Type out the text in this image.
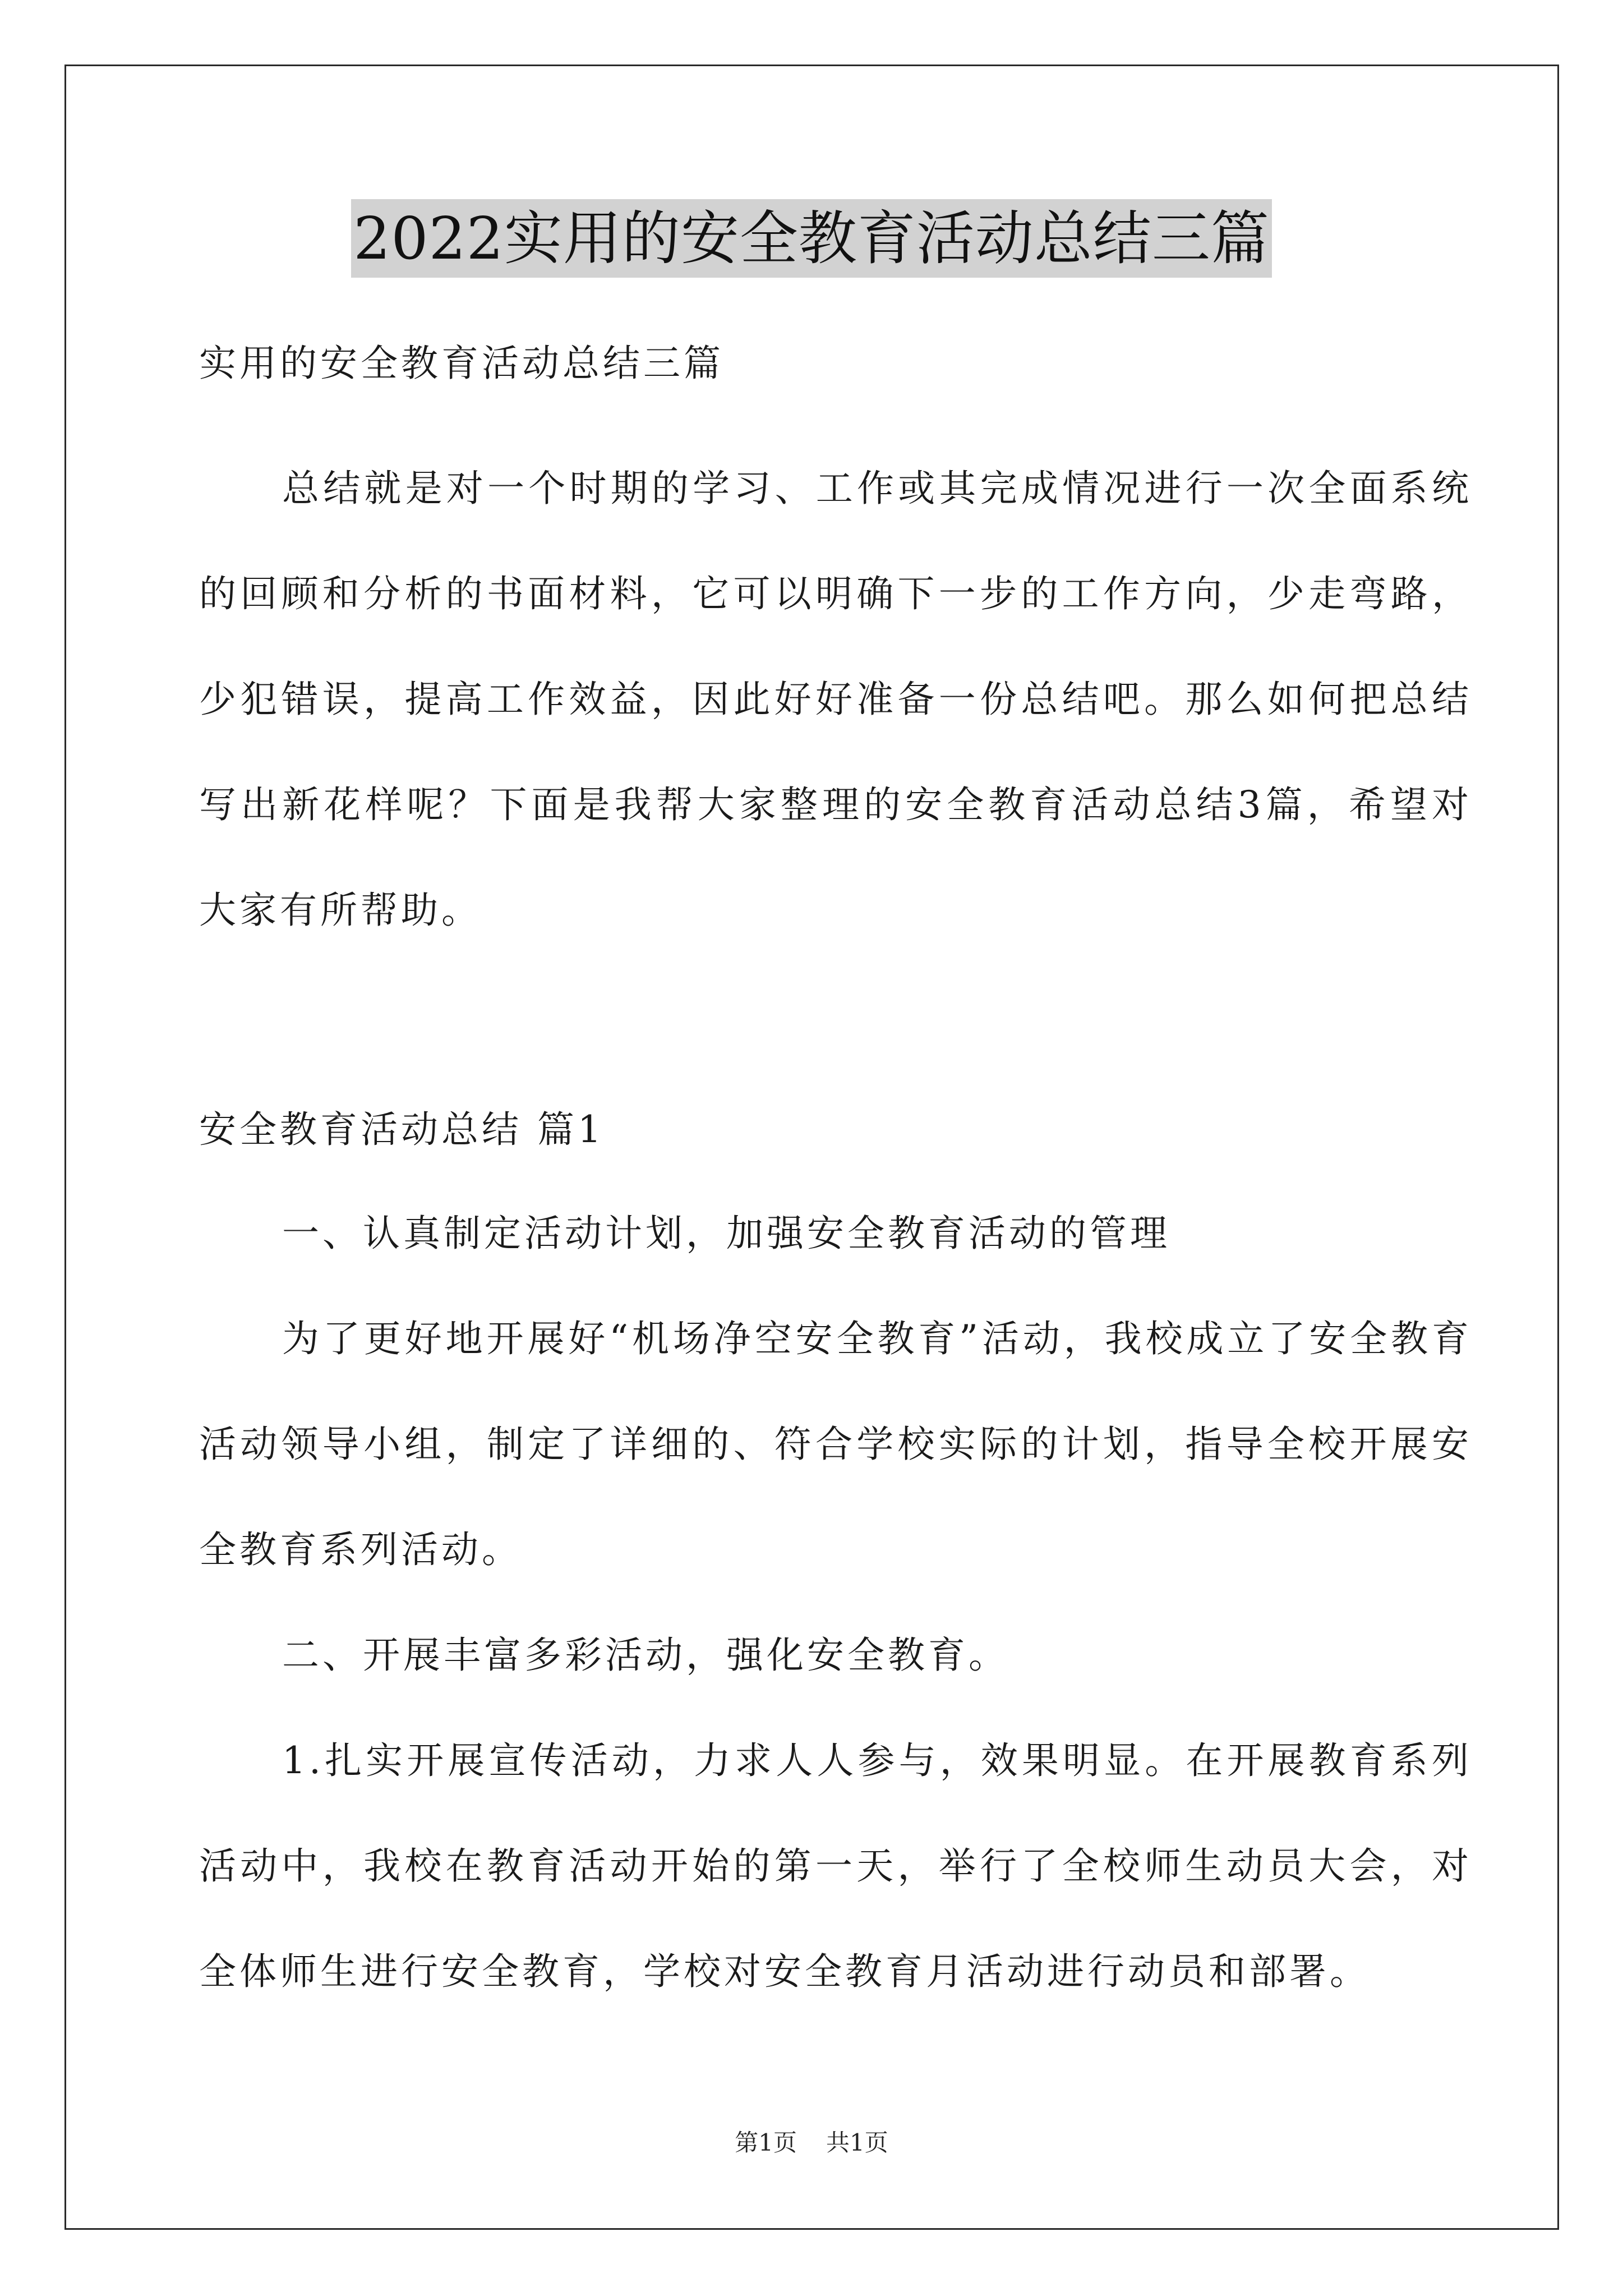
2022实用的安全教育活动总结三篇

实用的安全教育活动总结三篇

总结就是对一个时期的学习、工作或其完成情况进行一次全面系统的回顾和分析的书面材料，它可以明确下一步的工作方向，少走弯路，少犯错误，提高工作效益，因此好好准备一份总结吧。那么如何把总结写出新花样呢？下面是我帮大家整理的安全教育活动总结3篇，希望对大家有所帮助。

安全教育活动总结 篇1

一、认真制定活动计划，加强安全教育活动的管理

为了更好地开展好“机场净空安全教育”活动，我校成立了安全教育活动领导小组，制定了详细的、符合学校实际的计划，指导全校开展安全教育系列活动。

二、开展丰富多彩活动，强化安全教育。

1.扎实开展宣传活动，力求人人参与，效果明显。在开展教育系列活动中，我校在教育活动开始的第一天，举行了全校师生动员大会，对全体师生进行安全教育，学校对安全教育月活动进行动员和部署。

第1页 共1页
